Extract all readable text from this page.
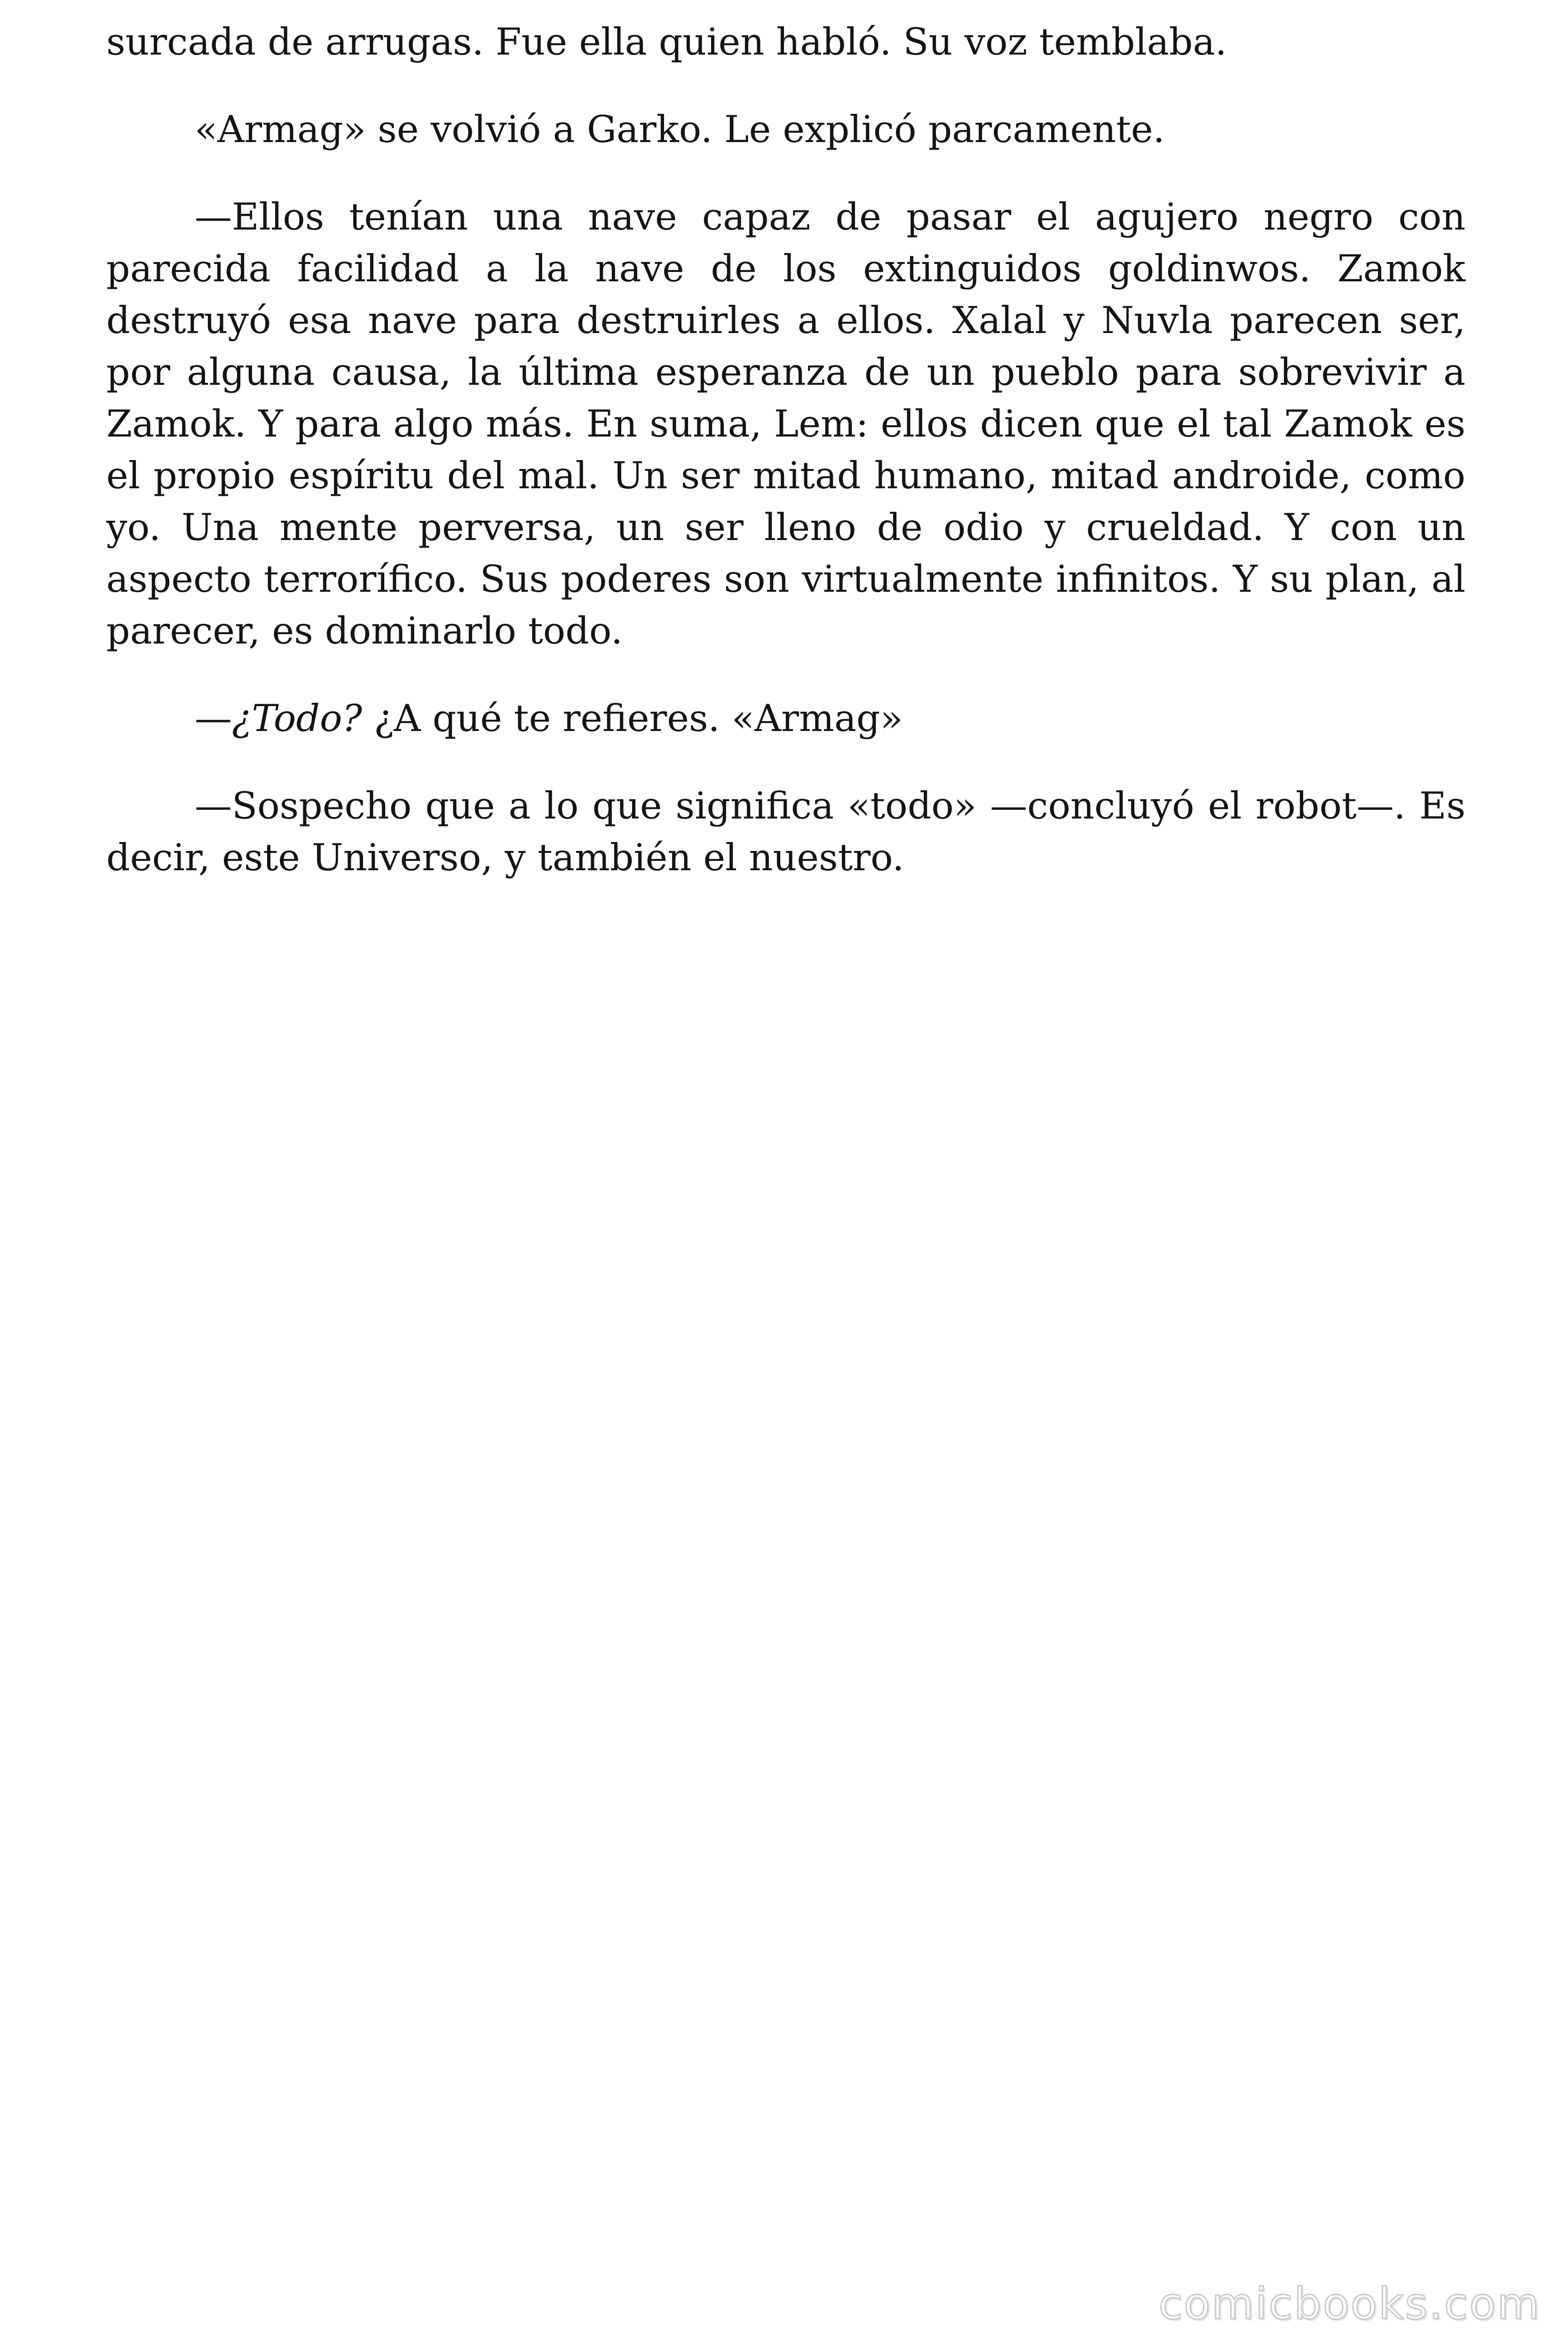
surcada de arrugas. Fue ella quien habló. Su voz temblaba.

«Armag» se volvió a Garko. Le explicó parcamente.

—Ellos tenían una nave capaz de pasar el agujero negro con parecida facilidad a la nave de los extinguidos goldinwos. Zamok destruyó esa nave para destruirles a ellos. Xalal y Nuvla parecen ser, por alguna causa, la última esperanza de un pueblo para sobrevivir a Zamok. Y para algo más. En suma, Lem: ellos dicen que el tal Zamok es el propio espíritu del mal. Un ser mitad humano, mitad androide, como yo. Una mente perversa, un ser lleno de odio y crueldad. Y con un aspecto terrorífico. Sus poderes son virtualmente infinitos. Y su plan, al parecer, es dominarlo todo.

—¿Todo? ¿A qué te refieres. «Armag»

—Sospecho que a lo que significa «todo» —concluyó el robot—. Es decir, este Universo, y también el nuestro.

comicbooks.com
